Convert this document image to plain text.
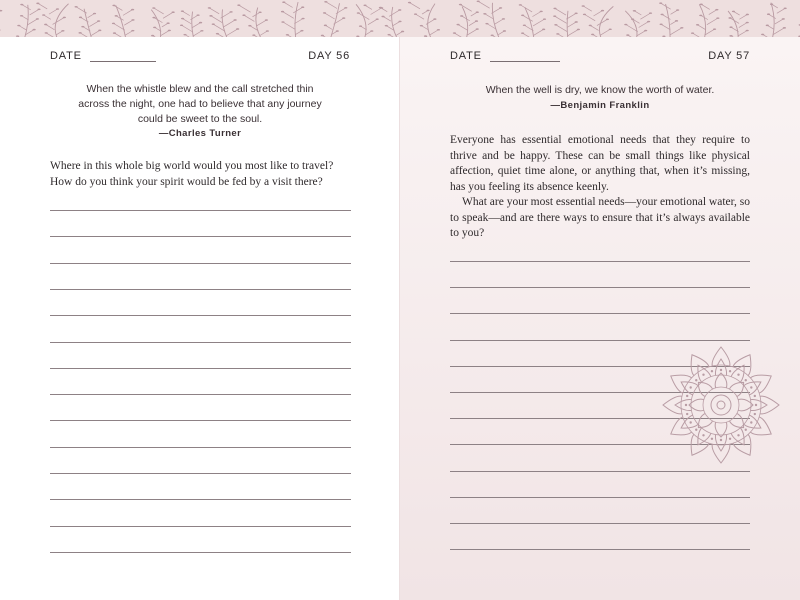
DATE	DAY 56
When the whistle blew and the call stretched thin across the night, one had to believe that any journey could be sweet to the soul.
—Charles Turner

Where in this whole big world would you most like to travel? How do you think your spirit would be fed by a visit there?

DATE	DAY 57
When the well is dry, we know the worth of water.
—Benjamin Franklin

Everyone has essential emotional needs that they require to thrive and be happy. These can be small things like physical affection, quiet time alone, or anything that, when it’s missing, has you feeling its absence keenly.

What are your most essential needs—your emotional water, so to speak—and are there ways to ensure that it’s always available to you?
